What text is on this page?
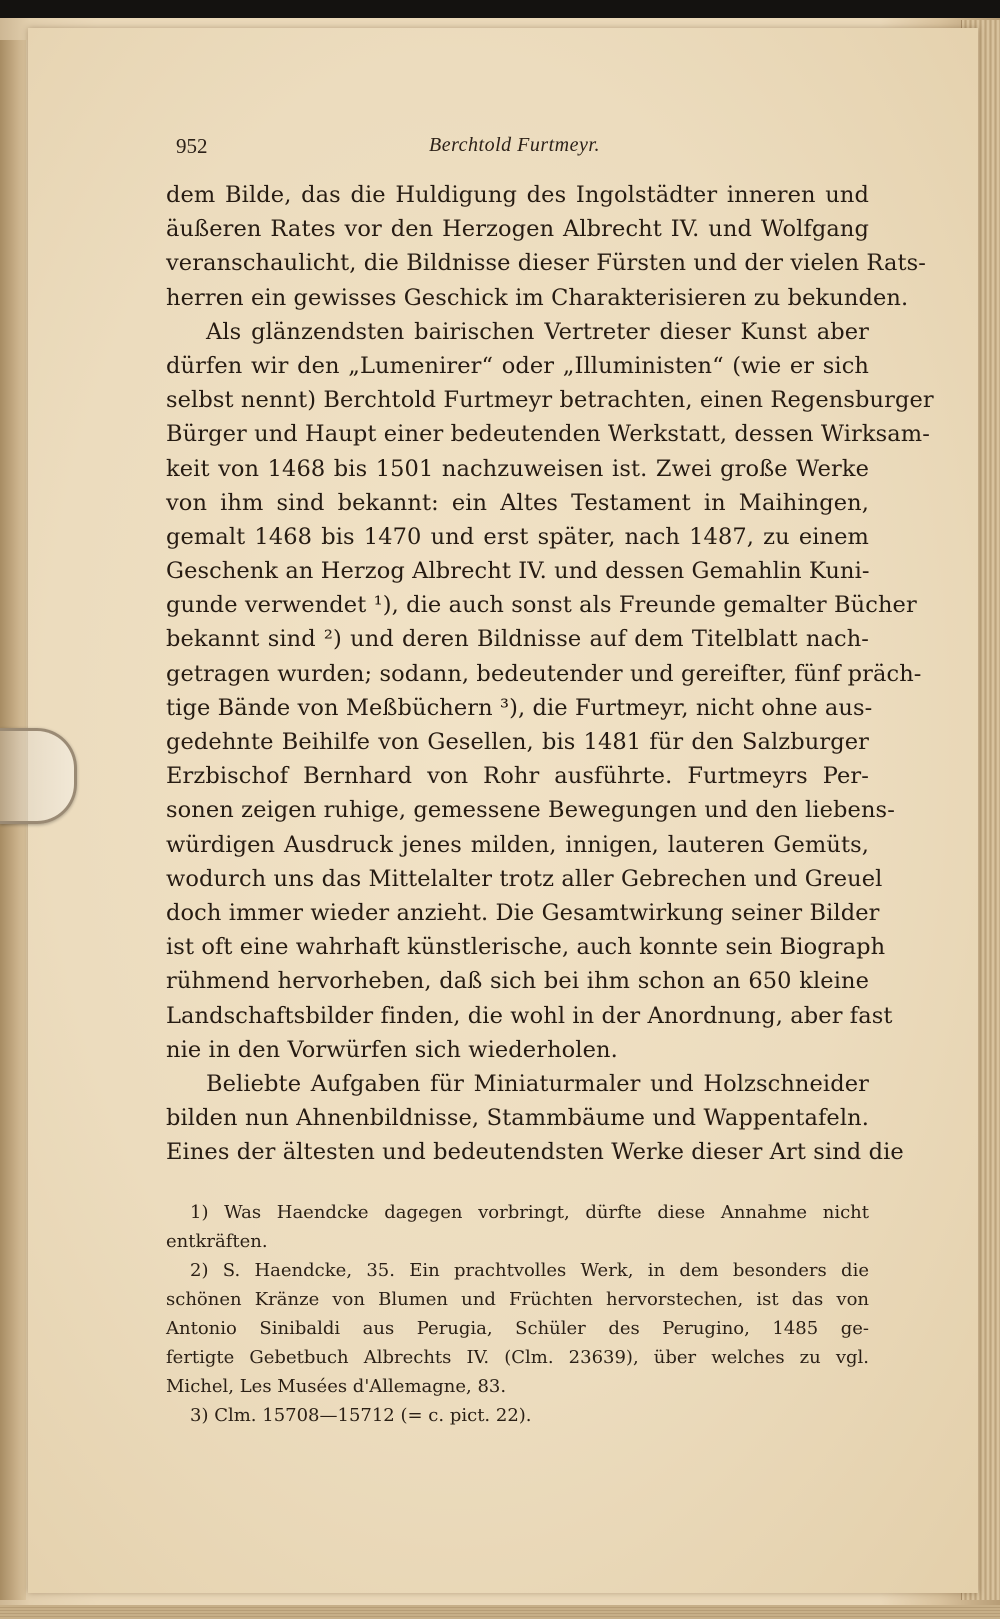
952	Berchtold Furtmeyr.
dem Bilde, das die Huldigung des Ingolstädter inneren und
äußeren Rates vor den Herzogen Albrecht IV. und Wolfgang
veranschaulicht, die Bildnisse dieser Fürsten und der vielen Rats-
herren ein gewisses Geschick im Charakterisieren zu bekunden.
Als glänzendsten bairischen Vertreter dieser Kunst aber
dürfen wir den „Lumenirer“ oder „Illuministen“ (wie er sich
selbst nennt) Berchtold Furtmeyr betrachten, einen Regensburger
Bürger und Haupt einer bedeutenden Werkstatt, dessen Wirksam-
keit von 1468 bis 1501 nachzuweisen ist. Zwei große Werke
von ihm sind bekannt: ein Altes Testament in Maihingen,
gemalt 1468 bis 1470 und erst später, nach 1487, zu einem
Geschenk an Herzog Albrecht IV. und dessen Gemahlin Kuni-
gunde verwendet ¹), die auch sonst als Freunde gemalter Bücher
bekannt sind ²) und deren Bildnisse auf dem Titelblatt nach-
getragen wurden; sodann, bedeutender und gereifter, fünf präch-
tige Bände von Meßbüchern ³), die Furtmeyr, nicht ohne aus-
gedehnte Beihilfe von Gesellen, bis 1481 für den Salzburger
Erzbischof Bernhard von Rohr ausführte. Furtmeyrs Per-
sonen zeigen ruhige, gemessene Bewegungen und den liebens-
würdigen Ausdruck jenes milden, innigen, lauteren Gemüts,
wodurch uns das Mittelalter trotz aller Gebrechen und Greuel
doch immer wieder anzieht. Die Gesamtwirkung seiner Bilder
ist oft eine wahrhaft künstlerische, auch konnte sein Biograph
rühmend hervorheben, daß sich bei ihm schon an 650 kleine
Landschaftsbilder finden, die wohl in der Anordnung, aber fast
nie in den Vorwürfen sich wiederholen.
Beliebte Aufgaben für Miniaturmaler und Holzschneider
bilden nun Ahnenbildnisse, Stammbäume und Wappentafeln.
Eines der ältesten und bedeutendsten Werke dieser Art sind die
1) Was Haendcke dagegen vorbringt, dürfte diese Annahme nicht
entkräften.
2) S. Haendcke, 35. Ein prachtvolles Werk, in dem besonders die
schönen Kränze von Blumen und Früchten hervorstechen, ist das von
Antonio Sinibaldi aus Perugia, Schüler des Perugino, 1485 ge-
fertigte Gebetbuch Albrechts IV. (Clm. 23639), über welches zu vgl.
Michel, Les Musées d'Allemagne, 83.
3) Clm. 15708—15712 (= c. pict. 22).
